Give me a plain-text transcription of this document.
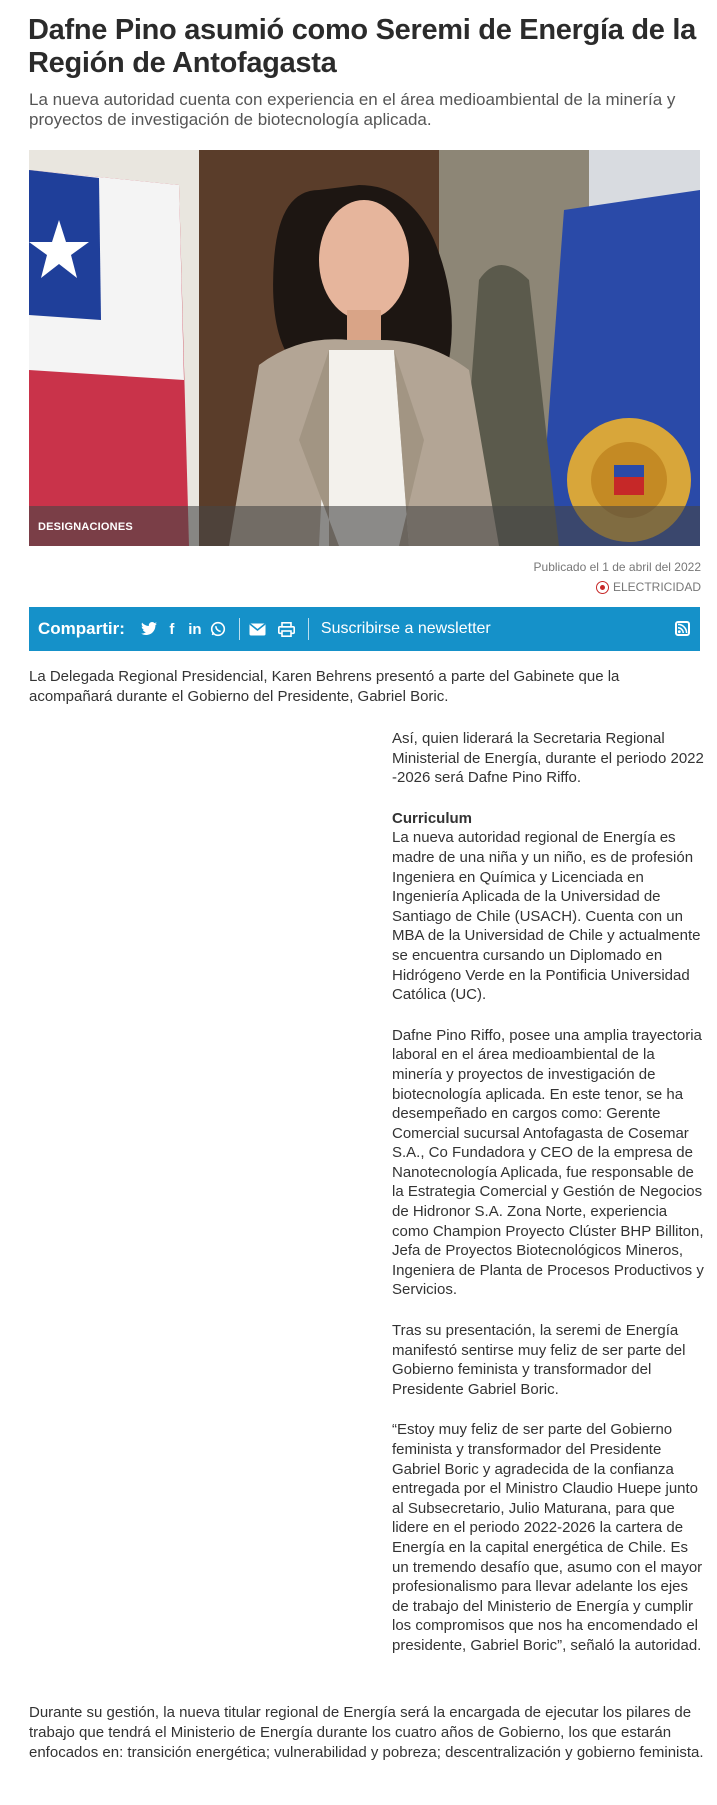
Dafne Pino asumió como Seremi de Energía de la Región de Antofagasta

La nueva autoridad cuenta con experiencia en el área medioambiental de la minería y proyectos de investigación de biotecnología aplicada.

DESIGNACIONES
Publicado el 1 de abril del 2022
ELECTRICIDAD
Compartir:	f in	Suscribirse a newsletter

La Delegada Regional Presidencial, Karen Behrens presentó a parte del Gabinete que la acompañará durante el Gobierno del Presidente, Gabriel Boric.

Así, quien liderará la Secretaria Regional Ministerial de Energía, durante el periodo 2022 -2026 será Dafne Pino Riffo.

Curriculum
La nueva autoridad regional de Energía es madre de una niña y un niño, es de profesión Ingeniera en Química y Licenciada en Ingeniería Aplicada de la Universidad de Santiago de Chile (USACH). Cuenta con un MBA de la Universidad de Chile y actualmente se encuentra cursando un Diplomado en Hidrógeno Verde en la Pontificia Universidad Católica (UC).

Dafne Pino Riffo, posee una amplia trayectoria laboral en el área medioambiental de la minería y proyectos de investigación de biotecnología aplicada. En este tenor, se ha desempeñado en cargos como: Gerente Comercial sucursal Antofagasta de Cosemar S.A., Co Fundadora y CEO de la empresa de Nanotecnología Aplicada, fue responsable de la Estrategia Comercial y Gestión de Negocios de Hidronor S.A. Zona Norte, experiencia como Champion Proyecto Clúster BHP Billiton, Jefa de Proyectos Biotecnológicos Mineros, Ingeniera de Planta de Procesos Productivos y Servicios.

Tras su presentación, la seremi de Energía manifestó sentirse muy feliz de ser parte del Gobierno feminista y transformador del Presidente Gabriel Boric.

“Estoy muy feliz de ser parte del Gobierno feminista y transformador del Presidente Gabriel Boric y agradecida de la confianza entregada por el Ministro Claudio Huepe junto al Subsecretario, Julio Maturana, para que lidere en el periodo 2022-2026 la cartera de Energía en la capital energética de Chile. Es un tremendo desafío que, asumo con el mayor profesionalismo para llevar adelante los ejes de trabajo del Ministerio de Energía y cumplir los compromisos que nos ha encomendado el presidente, Gabriel Boric”, señaló la autoridad.

Durante su gestión, la nueva titular regional de Energía será la encargada de ejecutar los pilares de trabajo que tendrá el Ministerio de Energía durante los cuatro años de Gobierno, los que estarán enfocados en: transición energética; vulnerabilidad y pobreza; descentralización y gobierno feminista.
